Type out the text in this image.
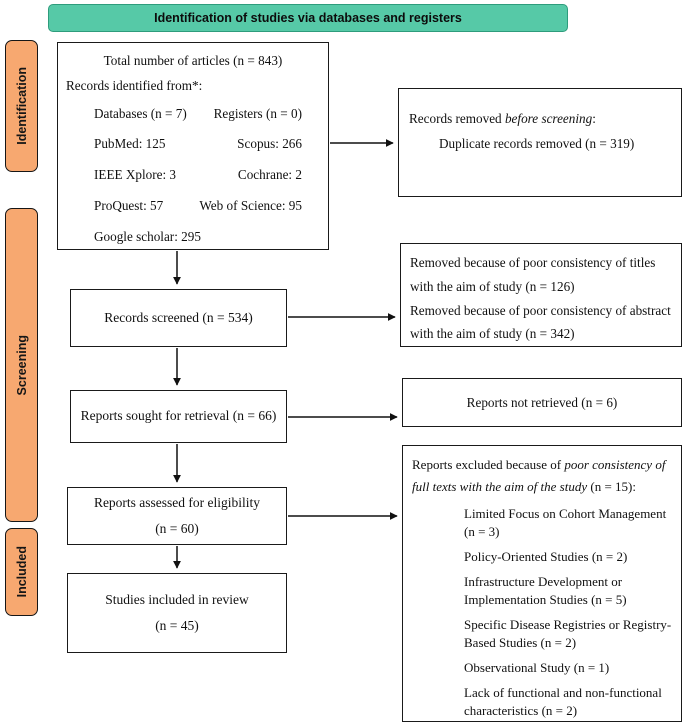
Identification of studies via databases and registers
Identification
Screening
Included
Total number of articles (n = 843)
Records identified from*:
Databases (n = 7) Registers (n = 0)
PubMed: 125	Scopus: 266
IEEE Xplore: 3	Cochrane: 2
ProQuest: 57	Web of Science: 95
Google scholar: 295
Records screened (n = 534)
Reports sought for retrieval (n = 66)
Reports assessed for eligibility
(n = 60)
Studies included in review
(n = 45)
Records removed before screening:
Duplicate records removed (n = 319)
Removed because of poor consistency of titles with the aim of study (n = 126)
Removed because of poor consistency of abstract with the aim of study (n = 342)
Reports not retrieved (n = 6)
Reports excluded because of poor consistency of full texts with the aim of the study (n = 15):
Limited Focus on Cohort Management (n = 3)
Policy-Oriented Studies (n = 2)
Infrastructure Development or Implementation Studies (n = 5)
Specific Disease Registries or Registry-Based Studies (n = 2)
Observational Study (n = 1)
Lack of functional and non-functional characteristics (n = 2)
